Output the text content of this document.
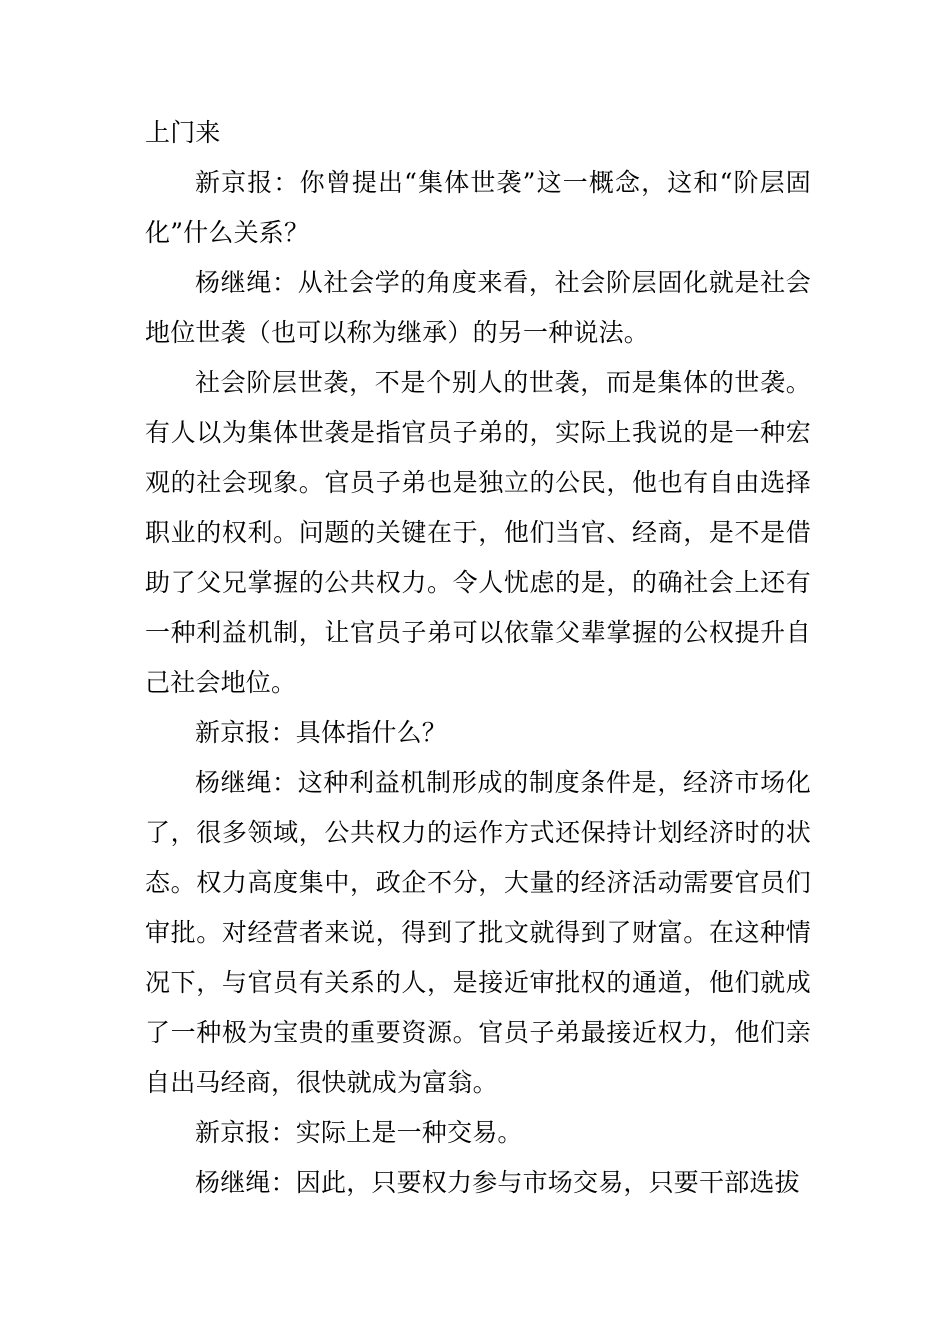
上门来

新京报：你曾提出“集体世袭”这一概念，这和“阶层固化”什么关系？

杨继绳：从社会学的角度来看，社会阶层固化就是社会地位世袭（也可以称为继承）的另一种说法。

社会阶层世袭，不是个别人的世袭，而是集体的世袭。有人以为集体世袭是指官员子弟的，实际上我说的是一种宏观的社会现象。官员子弟也是独立的公民，他也有自由选择职业的权利。问题的关键在于，他们当官、经商，是不是借助了父兄掌握的公共权力。令人忧虑的是，的确社会上还有一种利益机制，让官员子弟可以依靠父辈掌握的公权提升自己社会地位。

新京报：具体指什么？

杨继绳：这种利益机制形成的制度条件是，经济市场化了，很多领域，公共权力的运作方式还保持计划经济时的状态。权力高度集中，政企不分，大量的经济活动需要官员们审批。对经营者来说，得到了批文就得到了财富。在这种情况下，与官员有关系的人，是接近审批权的通道，他们就成了一种极为宝贵的重要资源。官员子弟最接近权力，他们亲自出马经商，很快就成为富翁。

新京报：实际上是一种交易。

杨继绳：因此，只要权力参与市场交易，只要干部选拔
